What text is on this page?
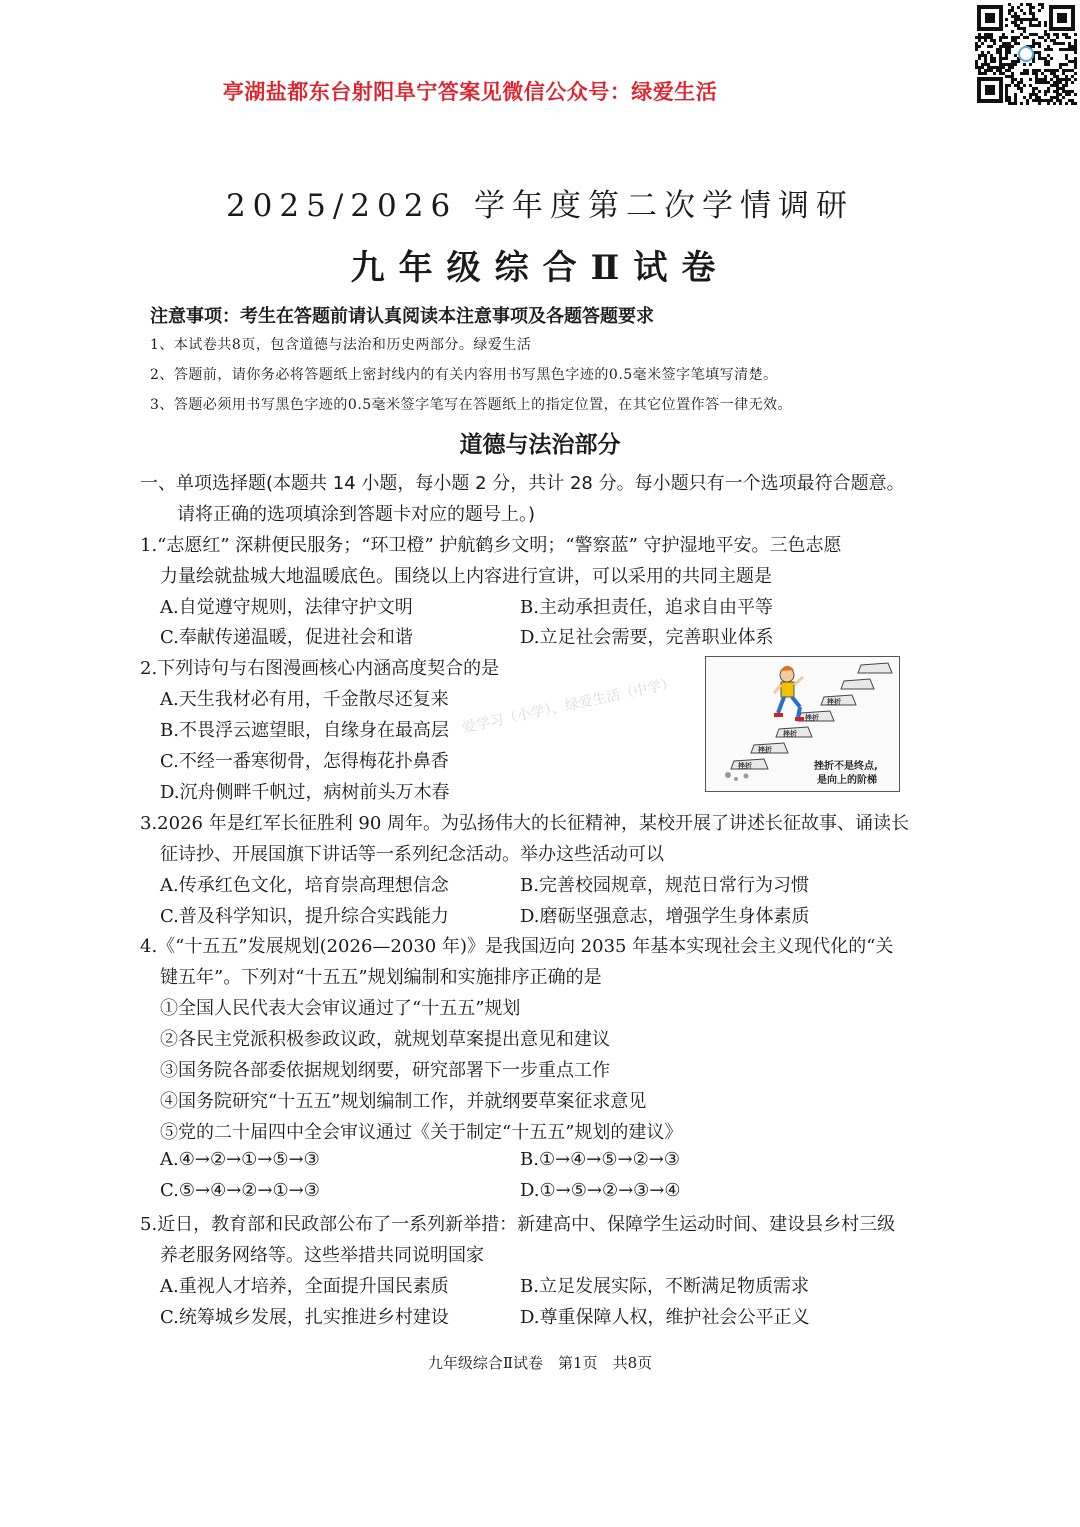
亭湖盐都东台射阳阜宁答案见微信公众号：绿爱生活
2025/2026 学年度第二次学情调研
九年级综合Ⅱ试卷
注意事项：考生在答题前请认真阅读本注意事项及各题答题要求
1、本试卷共8页，包含道德与法治和历史两部分。绿爱生活
2、答题前，请你务必将答题纸上密封线内的有关内容用书写黑色字迹的0.5毫米签字笔填写清楚。
3、答题必须用书写黑色字迹的0.5毫米签字笔写在答题纸上的指定位置，在其它位置作答一律无效。
道德与法治部分
一、单项选择题(本题共 14 小题，每小题 2 分，共计 28 分。每小题只有一个选项最符合题意。
请将正确的选项填涂到答题卡对应的题号上。)
1.“志愿红” 深耕便民服务；“环卫橙” 护航鹤乡文明；“警察蓝” 守护湿地平安。三色志愿
力量绘就盐城大地温暖底色。围绕以上内容进行宣讲，可以采用的共同主题是
A.自觉遵守规则，法律守护文明	B.主动承担责任，追求自由平等
C.奉献传递温暖，促进社会和谐	D.立足社会需要，完善职业体系
2.下列诗句与右图漫画核心内涵高度契合的是
A.天生我材必有用，千金散尽还复来
B.不畏浮云遮望眼，自缘身在最高层
C.不经一番寒彻骨，怎得梅花扑鼻香
D.沉舟侧畔千帆过，病树前头万木春
爱学习（小学）、绿爱生活（中学）
挫折
挫折
挫折
挫折
挫折
挫折不是终点,
是向上的阶梯
3.2026 年是红军长征胜利 90 周年。为弘扬伟大的长征精神，某校开展了讲述长征故事、诵读长
征诗抄、开展国旗下讲话等一系列纪念活动。举办这些活动可以
A.传承红色文化，培育崇高理想信念	B.完善校园规章，规范日常行为习惯
C.普及科学知识，提升综合实践能力	D.磨砺坚强意志，增强学生身体素质
4.《“十五五”发展规划(2026—2030 年)》是我国迈向 2035 年基本实现社会主义现代化的“关
键五年”。下列对“十五五”规划编制和实施排序正确的是
①全国人民代表大会审议通过了“十五五”规划
②各民主党派积极参政议政，就规划草案提出意见和建议
③国务院各部委依据规划纲要，研究部署下一步重点工作
④国务院研究“十五五”规划编制工作，并就纲要草案征求意见
⑤党的二十届四中全会审议通过《关于制定“十五五”规划的建议》
A.④→②→①→⑤→③	B.①→④→⑤→②→③
C.⑤→④→②→①→③	D.①→⑤→②→③→④
5.近日，教育部和民政部公布了一系列新举措：新建高中、保障学生运动时间、建设县乡村三级
养老服务网络等。这些举措共同说明国家
A.重视人才培养，全面提升国民素质	B.立足发展实际，不断满足物质需求
C.统筹城乡发展，扎实推进乡村建设	D.尊重保障人权，维护社会公平正义
九年级综合Ⅱ试卷　第1页　共8页
